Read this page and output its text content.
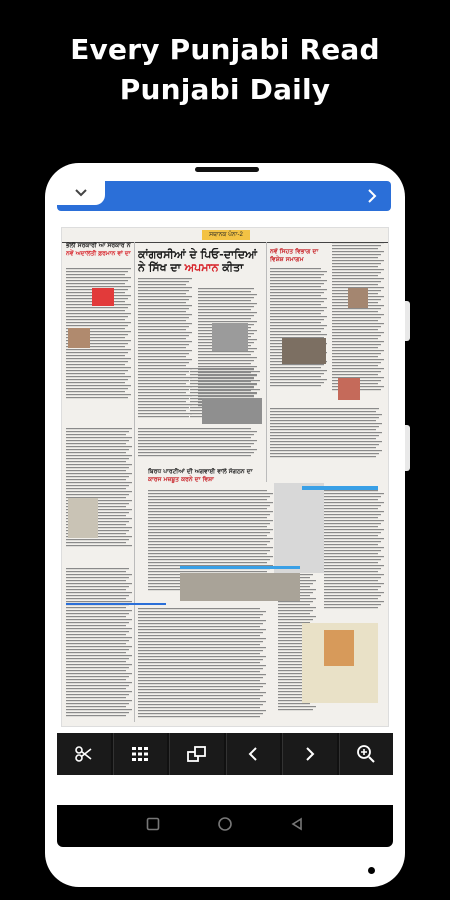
Every Punjabi Read
Punjabi Daily
ਸਥਾਨਕ ਪੰਨਾ-2
ਕਾਂਗਰਸੀਆਂ ਦੇ ਪਿਓ-ਦਾਦਿਆਂ
ਨੇ ਸਿੱਖ ਦਾ ਅਪਮਾਨ ਕੀਤਾ
ਭੋਲੀ ਸਰਕਾਰੀ ਆ ਸਰਕਾਰ ਨੇ
ਨਵੇਂ ਅਦਾਲਤੀ ਫ਼ਰਮਾਨ ਵਾਂ ਦਾ	ਨਵੇਂ ਸਿਹਤ ਵਿਭਾਗ ਦਾ ਵਿਸ਼ੇਸ਼ ਸਮਾਗਮ
ਬਿਰਧ ਪਾਰਟੀਆਂ ਦੀ ਅਗਵਾਈ ਵਾਲੇ ਸੰਗਠਨ ਦਾ
ਕਾਰਜ ਮਜ਼ਬੂਤ ਕਰਨੇ ਦਾ ਵਿਸ਼ਾ
